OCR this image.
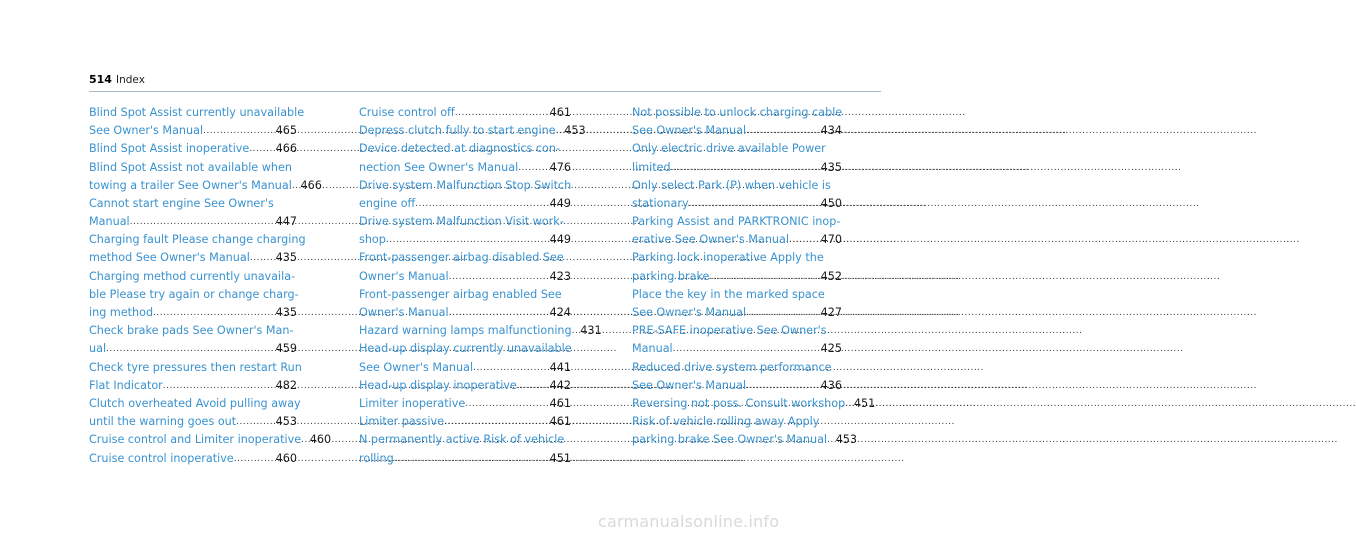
514 Index
Blind Spot Assist currently unavailable
See Owner's Manual .....	465
Blind Spot Assist inoperative ..... 466
Blind Spot Assist not available when
towing a trailer See Owner's Manual ..... 466
Cannot start engine See Owner's
Manual .....	447
Charging fault Please change charging
method See Owner's Manual ..... 435
Charging method currently unavaila-
ble Please try again or change charg-
ing method .....	435
Check brake pads See Owner's Man-
ual .....	459
Check tyre pressures then restart Run
Flat Indicator .....	482
Clutch overheated Avoid pulling away
until the warning goes out .....	453
Cruise control and Limiter inoperative ..... 460
Cruise control inoperative .....	460
Cruise control off .....	461
Depress clutch fully to start engine ..... 453
Device detected at diagnostics con-
nection See Owner's Manual .....	476
Drive system Malfunction Stop Switch
engine off .....	449
Drive system Malfunction Visit work-
shop .....	449
Front-passenger airbag disabled See
Owner's Manual .....	423
Front-passenger airbag enabled See
Owner's Manual .....	424
Hazard warning lamps malfunctioning ..... 431
Head-up display currently unavailable
See Owner's Manual .....	441
Head-up display inoperative .....	442
Limiter inoperative .....	461
Limiter passive .....	461
N permanently active Risk of vehicle
rolling .....	451
Not possible to unlock charging cable
See Owner's Manual .....	434
Only electric drive available Power
limited .....	435
Only select Park (P) when vehicle is
stationary .....	450
Parking Assist and PARKTRONIC inop-
erative See Owner's Manual .....	470
Parking lock inoperative Apply the
parking brake .....	452
Place the key in the marked space
See Owner's Manual .....	427
PRE-SAFE inoperative See Owner's
Manual .....	425
Reduced drive system performance
See Owner's Manual .....	436
Reversing not poss. Consult workshop ..... 451
Risk of vehicle rolling away Apply
parking brake See Owner's Manual ..... 453
carmanualsonline.info
